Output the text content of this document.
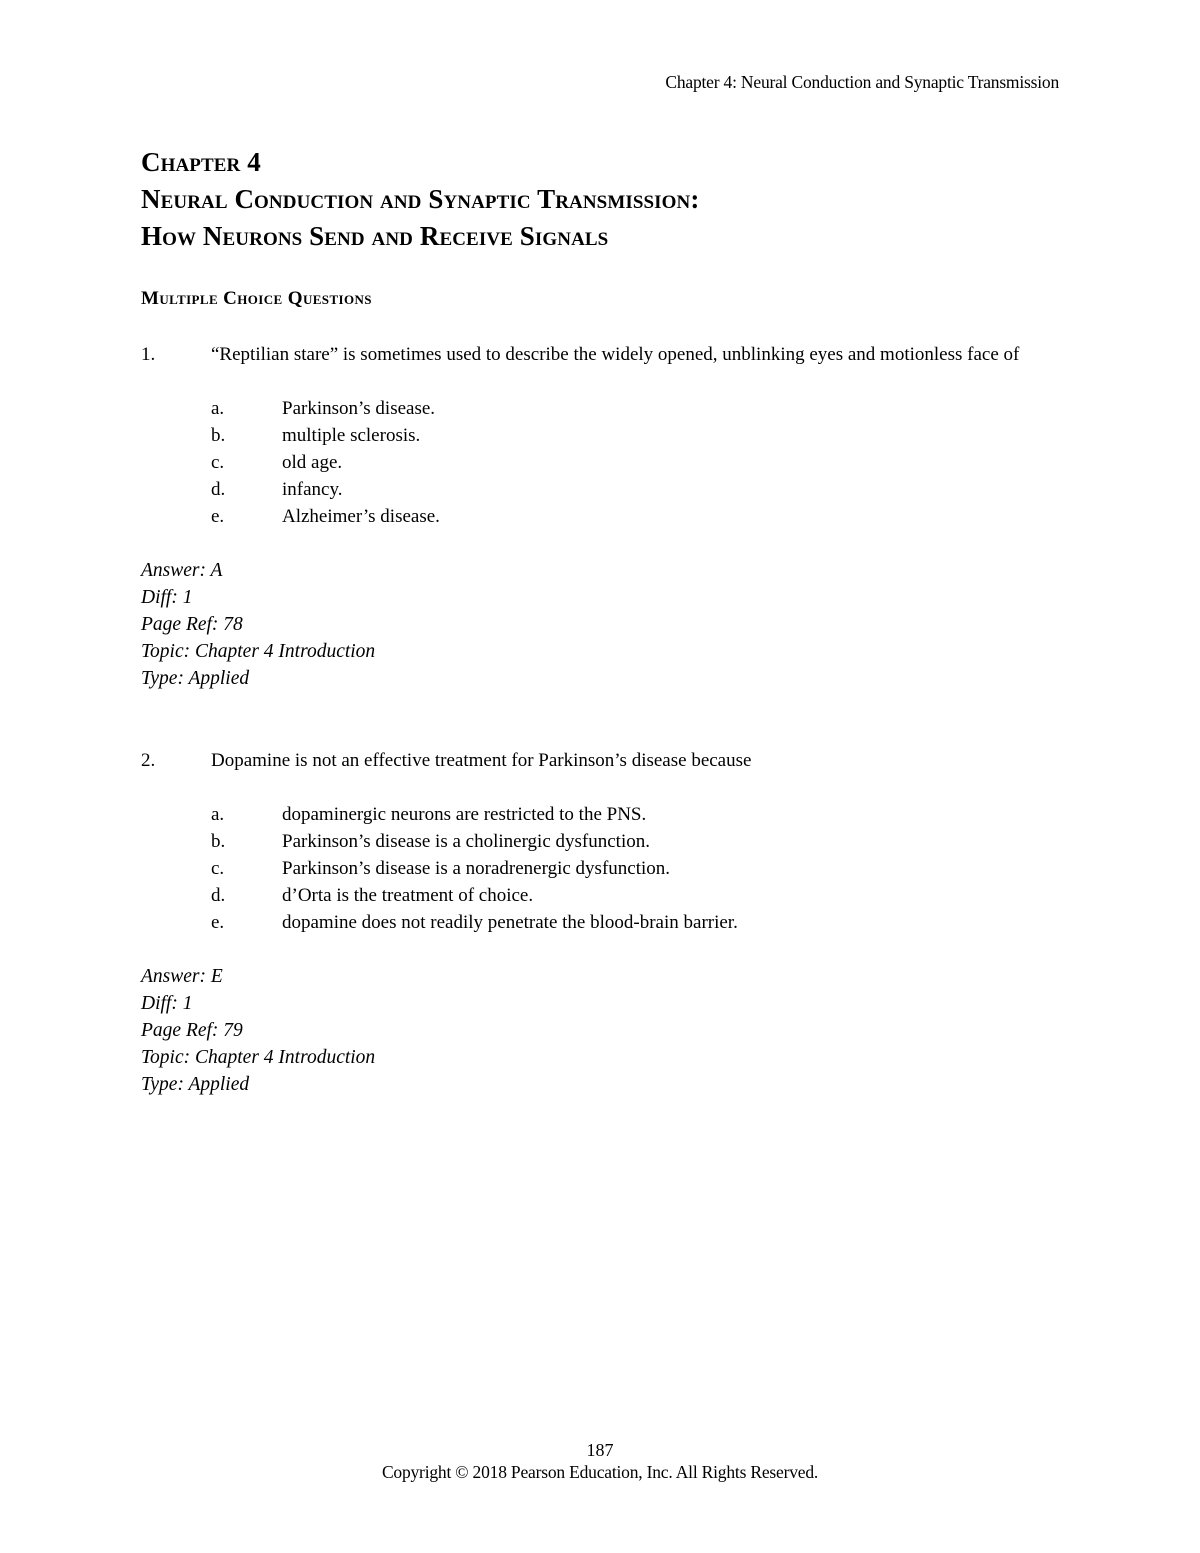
Chapter 4: Neural Conduction and Synaptic Transmission
Chapter 4
Neural Conduction and Synaptic Transmission:
How Neurons Send and Receive Signals
Multiple Choice Questions
1.	“Reptilian stare” is sometimes used to describe the widely opened, unblinking eyes and motionless face of
a.	Parkinson’s disease.
b.	multiple sclerosis.
c.	old age.
d.	infancy.
e.	Alzheimer’s disease.
Answer: A
Diff: 1
Page Ref: 78
Topic: Chapter 4 Introduction
Type: Applied
2.	Dopamine is not an effective treatment for Parkinson’s disease because
a.	dopaminergic neurons are restricted to the PNS.
b.	Parkinson’s disease is a cholinergic dysfunction.
c.	Parkinson’s disease is a noradrenergic dysfunction.
d.	d’Orta is the treatment of choice.
e.	dopamine does not readily penetrate the blood-brain barrier.
Answer: E
Diff: 1
Page Ref: 79
Topic: Chapter 4 Introduction
Type: Applied
187
Copyright © 2018 Pearson Education, Inc. All Rights Reserved.
